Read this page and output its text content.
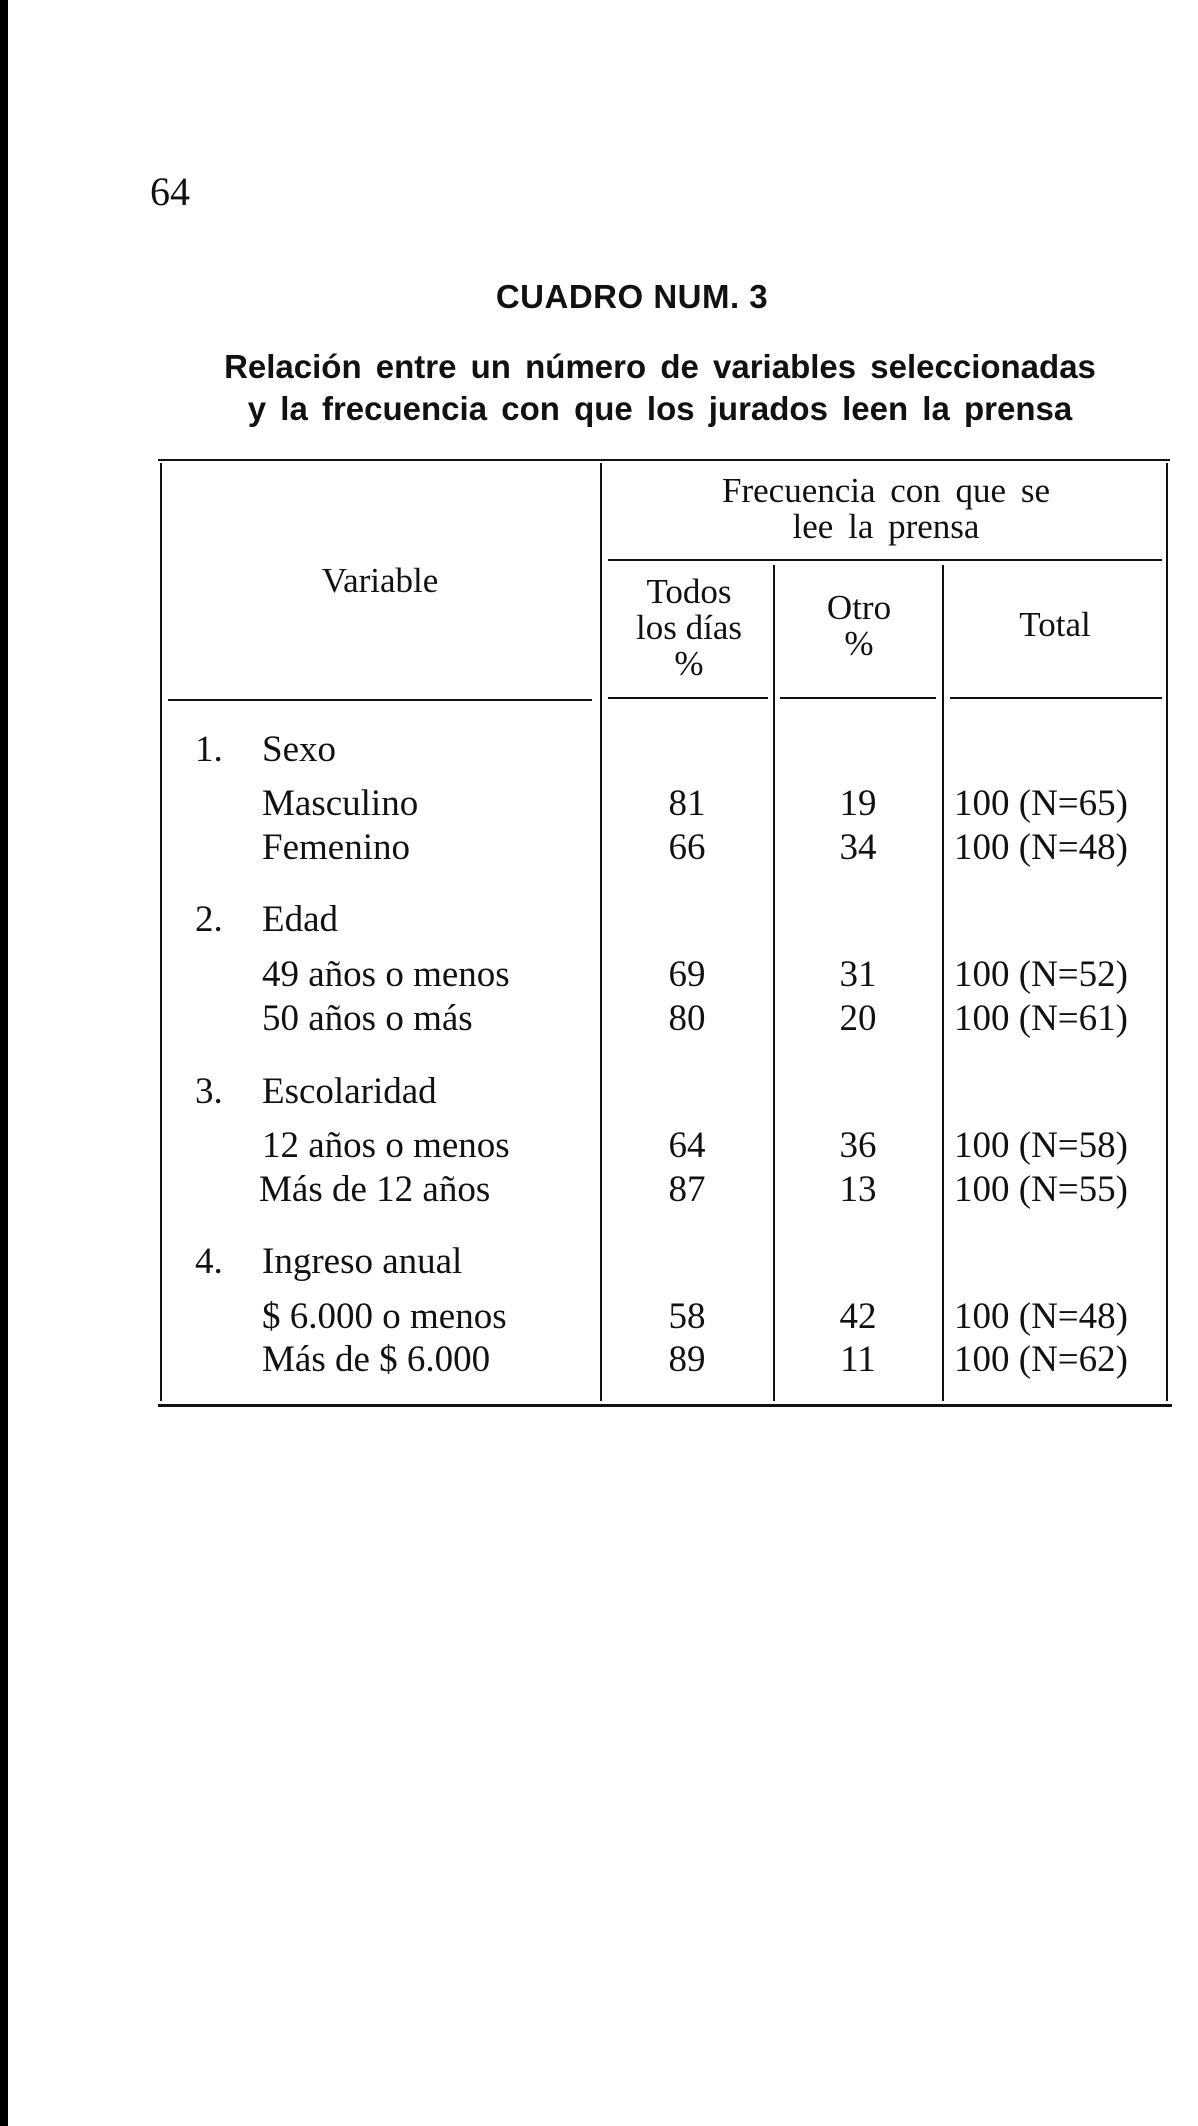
64
CUADRO NUM. 3
Relación entre un número de variables seleccionadas
y la frecuencia con que los jurados leen la prensa
Variable
Frecuencia con que se
lee la prensa
Todos
los días
%
Otro
%	Total
1. Sexo
Masculino	81	19	100 (N=65)
Femenino	66	34	100 (N=48)
2. Edad
49 años o menos	69	31	100 (N=52)
50 años o más	80	20	100 (N=61)
3. Escolaridad
12 años o menos	64	36	100 (N=58)
Más de 12 años	87	13	100 (N=55)
4. Ingreso anual
$ 6.000 o menos	58	42	100 (N=48)
Más de $ 6.000	89	11	100 (N=62)
